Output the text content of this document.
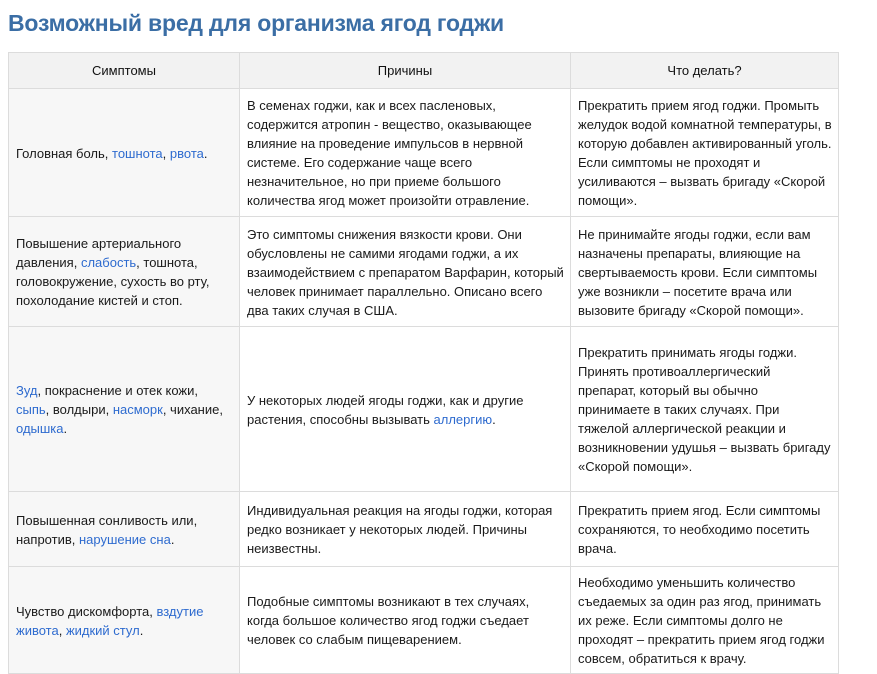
Возможный вред для организма ягод годжи
Симптомы	Причины	Что делать?
Головная боль, тошнота, рвота.	В семенах годжи, как и всех пасленовых, содержится атропин - вещество, оказывающее влияние на проведение импульсов в нервной системе. Его содержание чаще всего незначительное, но при приеме большого количества ягод может произойти отравление.	Прекратить прием ягод годжи. Промыть желудок водой комнатной температуры, в которую добавлен активированный уголь. Если симптомы не проходят и усиливаются – вызвать бригаду «Скорой помощи».
Повышение артериального давления, слабость, тошнота, головокружение, сухость во рту, похолодание кистей и стоп.	Это симптомы снижения вязкости крови. Они обусловлены не самими ягодами годжи, а их взаимодействием с препаратом Варфарин, который человек принимает параллельно. Описано всего два таких случая в США.	Не принимайте ягоды годжи, если вам назначены препараты, влияющие на свертываемость крови. Если симптомы уже возникли – посетите врача или вызовите бригаду «Скорой помощи».
Зуд, покраснение и отек кожи, сыпь, волдыри, насморк, чихание, одышка.	У некоторых людей ягоды годжи, как и другие растения, способны вызывать аллергию.	Прекратить принимать ягоды годжи. Принять противоаллергический препарат, который вы обычно принимаете в таких случаях. При тяжелой аллергической реакции и возникновении удушья – вызвать бригаду «Скорой помощи».
Повышенная сонливость или, напротив, нарушение сна.	Индивидуальная реакция на ягоды годжи, которая редко возникает у некоторых людей. Причины неизвестны.	Прекратить прием ягод. Если симптомы сохраняются, то необходимо посетить врача.
Чувство дискомфорта, вздутие живота, жидкий стул.	Подобные симптомы возникают в тех случаях, когда большое количество ягод годжи съедает человек со слабым пищеварением.	Необходимо уменьшить количество съедаемых за один раз ягод, принимать их реже. Если симптомы долго не проходят – прекратить прием ягод годжи совсем, обратиться к врачу.
